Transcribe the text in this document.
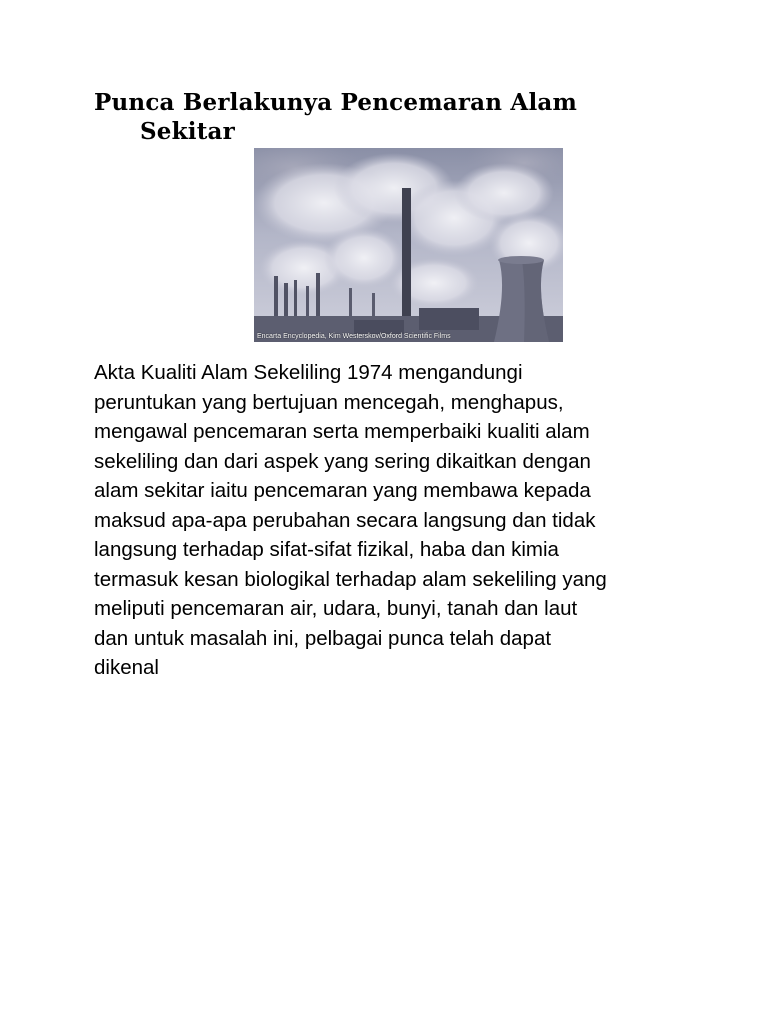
Punca Berlakunya Pencemaran Alam
Sekitar
Encarta Encyclopedia, Kim Westerskov/Oxford Scientific Films
Akta Kualiti Alam Sekeliling 1974 mengandungi
peruntukan yang bertujuan mencegah, menghapus,
mengawal pencemaran serta memperbaiki kualiti alam
sekeliling dan dari aspek yang sering dikaitkan dengan
alam sekitar iaitu pencemaran yang membawa kepada
maksud apa-apa perubahan secara langsung dan tidak
langsung terhadap sifat-sifat fizikal, haba dan kimia
termasuk kesan biologikal terhadap alam sekeliling yang
meliputi pencemaran air, udara, bunyi, tanah dan laut
dan untuk masalah ini, pelbagai punca telah dapat
dikenal
